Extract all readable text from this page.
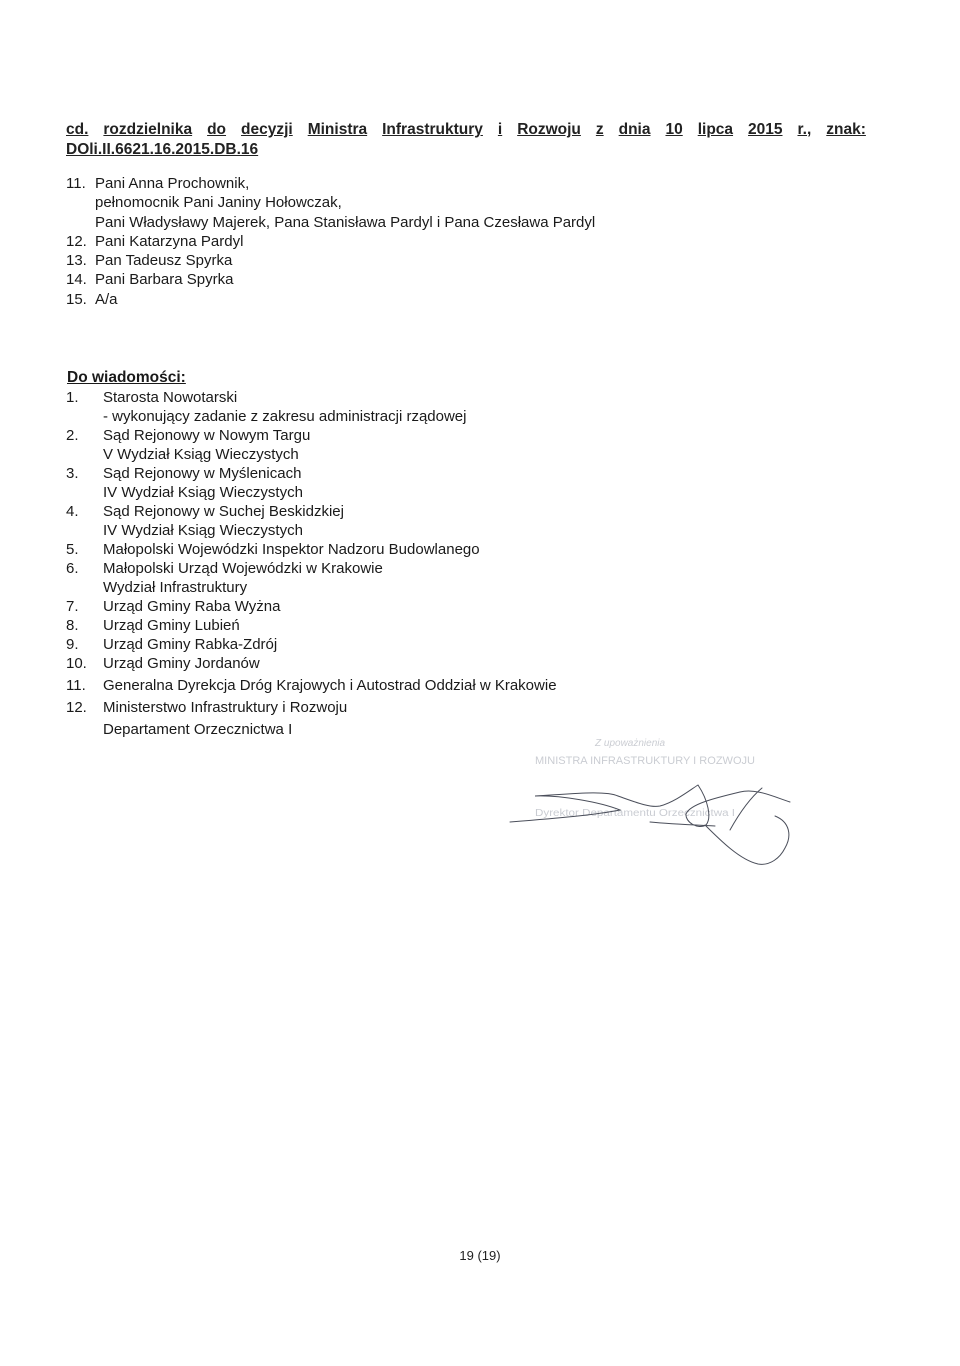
cd. rozdzielnika do decyzji Ministra Infrastruktury i Rozwoju z dnia 10 lipca 2015 r., znak:
DOli.II.6621.16.2015.DB.16
11. Pani Anna Prochownik,
pełnomocnik Pani Janiny Hołowczak,
Pani Władysławy Majerek, Pana Stanisława Pardyl i Pana Czesława Pardyl
12. Pani Katarzyna Pardyl
13. Pan Tadeusz Spyrka
14. Pani Barbara Spyrka
15. A/a
Do wiadomości:
1.	Starosta Nowotarski
- wykonujący zadanie z zakresu administracji rządowej
2.	Sąd Rejonowy w Nowym Targu
V Wydział Ksiąg Wieczystych
3.	Sąd Rejonowy w Myślenicach
IV Wydział Ksiąg Wieczystych
4.	Sąd Rejonowy w Suchej Beskidzkiej
IV Wydział Ksiąg Wieczystych
5.	Małopolski Wojewódzki Inspektor Nadzoru Budowlanego
6.	Małopolski Urząd Wojewódzki w Krakowie
Wydział Infrastruktury
7.	Urząd Gminy Raba Wyżna
8.	Urząd Gminy Lubień
9.	Urząd Gminy Rabka-Zdrój
10.	Urząd Gminy Jordanów
11.	Generalna Dyrekcja Dróg Krajowych i Autostrad Oddział w Krakowie
12.	Ministerstwo Infrastruktury i Rozwoju
Departament Orzecznictwa I
Z upoważnienia
MINISTRA INFRASTRUKTURY I ROZWOJU
Dyrektor Departamentu Orzecznictwa I
19 (19)
